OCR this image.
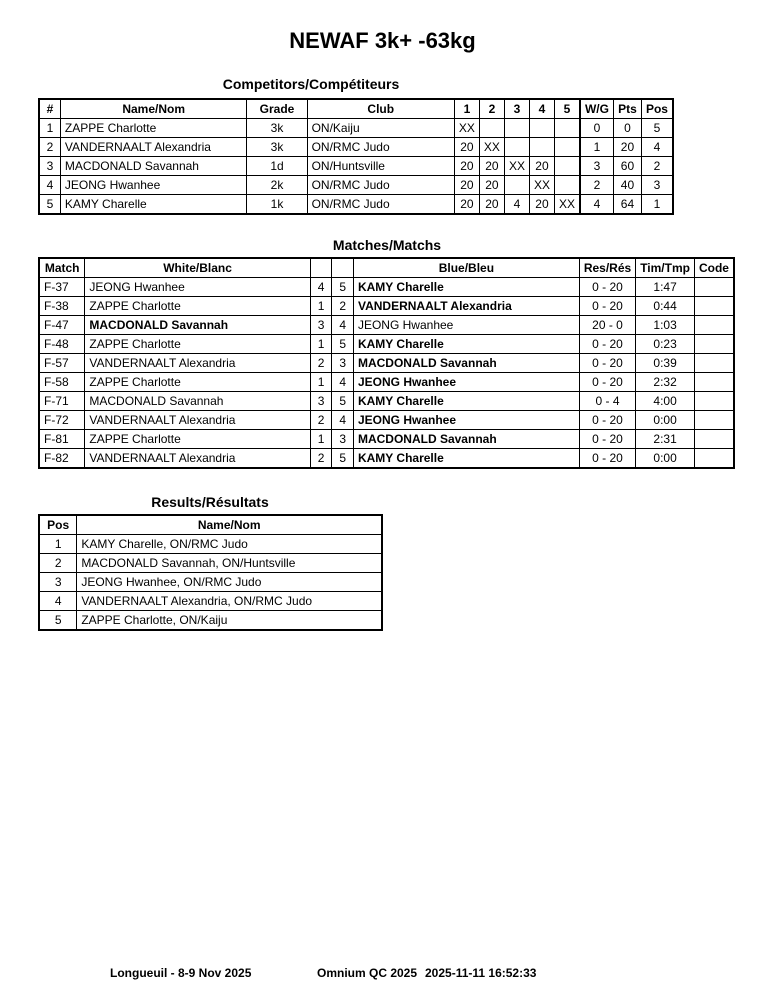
NEWAF 3k+ -63kg
Competitors/Compétiteurs
#	Name/Nom	Grade	Club	1	2	3	4	5	W/G	Pts	Pos
1	ZAPPE Charlotte	3k	ON/Kaiju	XX					0	0	5
2	VANDERNAALT Alexandria	3k	ON/RMC Judo	20	XX				1	20	4
3	MACDONALD Savannah	1d	ON/Huntsville	20	20	XX	20		3	60	2
4	JEONG Hwanhee	2k	ON/RMC Judo	20	20		XX		2	40	3
5	KAMY Charelle	1k	ON/RMC Judo	20	20	4	20	XX	4	64	1
Matches/Matchs
Match	White/Blanc			Blue/Bleu	Res/Rés	Tim/Tmp	Code
F-37	JEONG Hwanhee	4	5	KAMY Charelle	0 - 20	1:47	
F-38	ZAPPE Charlotte	1	2	VANDERNAALT Alexandria	0 - 20	0:44	
F-47	MACDONALD Savannah	3	4	JEONG Hwanhee	20 - 0	1:03	
F-48	ZAPPE Charlotte	1	5	KAMY Charelle	0 - 20	0:23	
F-57	VANDERNAALT Alexandria	2	3	MACDONALD Savannah	0 - 20	0:39	
F-58	ZAPPE Charlotte	1	4	JEONG Hwanhee	0 - 20	2:32	
F-71	MACDONALD Savannah	3	5	KAMY Charelle	0 - 4	4:00	
F-72	VANDERNAALT Alexandria	2	4	JEONG Hwanhee	0 - 20	0:00	
F-81	ZAPPE Charlotte	1	3	MACDONALD Savannah	0 - 20	2:31	
F-82	VANDERNAALT Alexandria	2	5	KAMY Charelle	0 - 20	0:00	
Results/Résultats
Pos	Name/Nom
1	KAMY Charelle, ON/RMC Judo
2	MACDONALD Savannah, ON/Huntsville
3	JEONG Hwanhee, ON/RMC Judo
4	VANDERNAALT Alexandria, ON/RMC Judo
5	ZAPPE Charlotte, ON/Kaiju
Longueuil - 8-9 Nov 2025	Omnium QC 2025 2025-11-11 16:52:33
